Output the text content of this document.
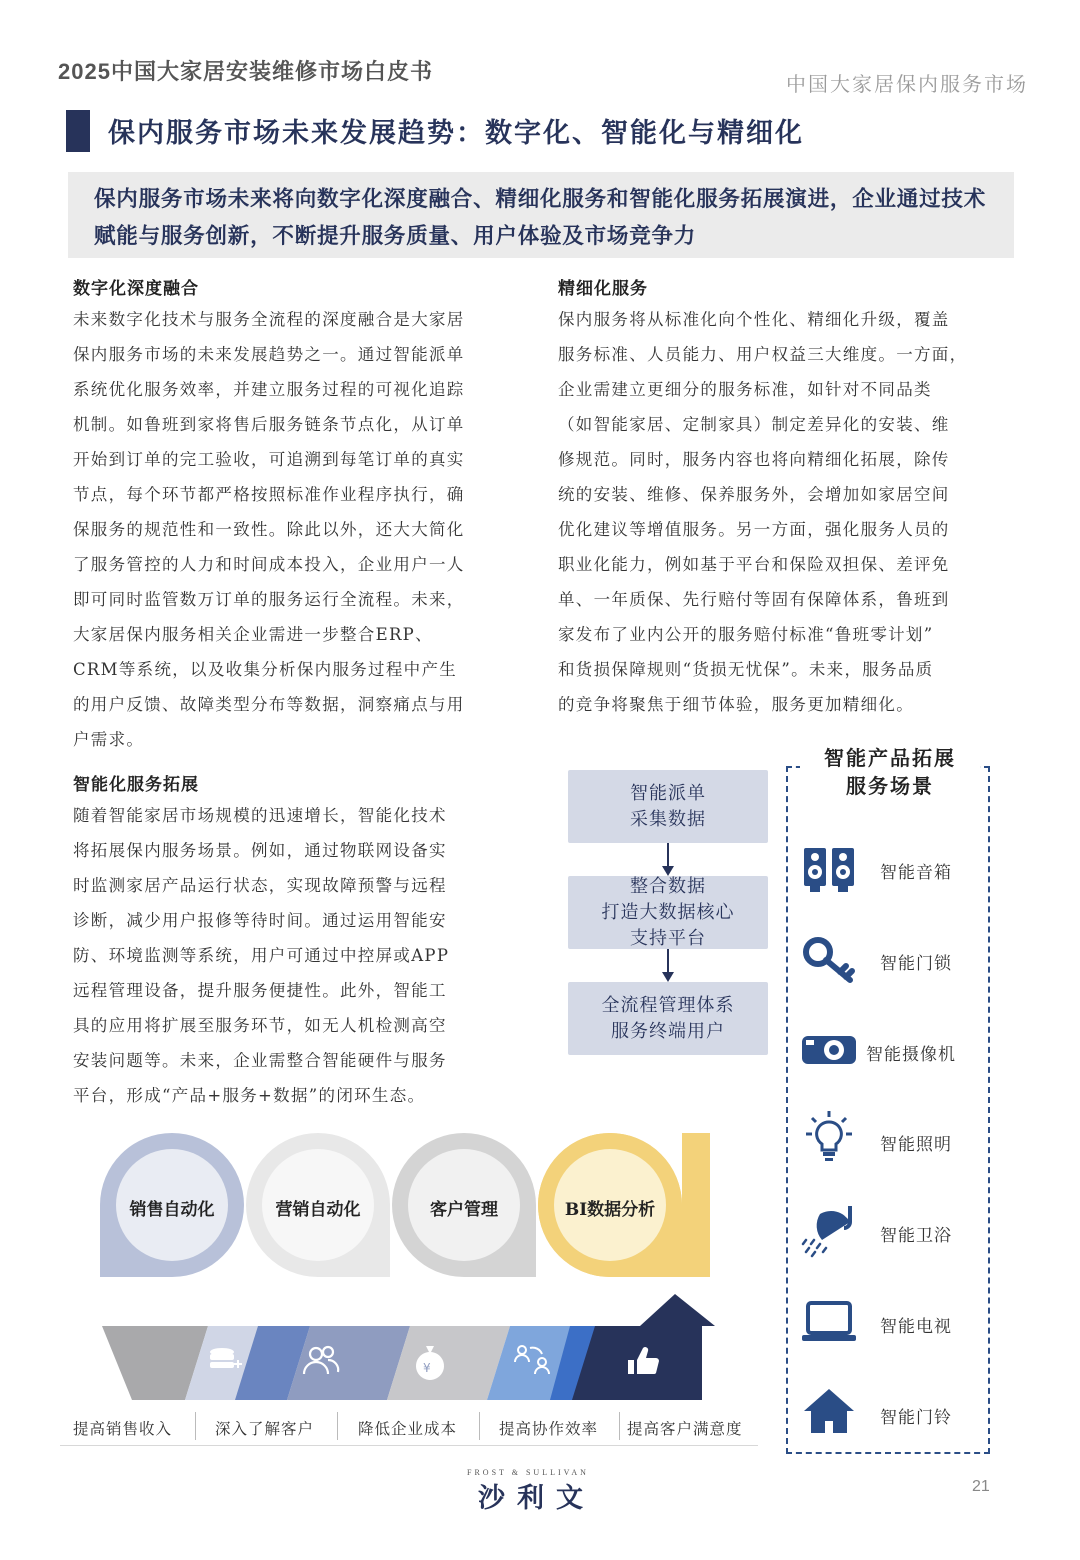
2025中国大家居安装维修市场白皮书	中国大家居保内服务市场
保内服务市场未来发展趋势：数字化、智能化与精细化
保内服务市场未来将向数字化深度融合、精细化服务和智能化服务拓展演进，企业通过技术赋能与服务创新，不断提升服务质量、用户体验及市场竞争力
数字化深度融合
未来数字化技术与服务全流程的深度融合是大家居
保内服务市场的未来发展趋势之一。通过智能派单
系统优化服务效率，并建立服务过程的可视化追踪
机制。如鲁班到家将售后服务链条节点化，从订单
开始到订单的完工验收，可追溯到每笔订单的真实
节点，每个环节都严格按照标准作业程序执行，确
保服务的规范性和一致性。除此以外，还大大简化
了服务管控的人力和时间成本投入，企业用户一人
即可同时监管数万订单的服务运行全流程。未来，
大家居保内服务相关企业需进一步整合ERP、
CRM等系统，以及收集分析保内服务过程中产生
的用户反馈、故障类型分布等数据，洞察痛点与用
户需求。
精细化服务
保内服务将从标准化向个性化、精细化升级，覆盖
服务标准、人员能力、用户权益三大维度。一方面，
企业需建立更细分的服务标准，如针对不同品类
（如智能家居、定制家具）制定差异化的安装、维
修规范。同时，服务内容也将向精细化拓展，除传
统的安装、维修、保养服务外，会增加如家居空间
优化建议等增值服务。另一方面，强化服务人员的
职业化能力，例如基于平台和保险双担保、差评免
单、一年质保、先行赔付等固有保障体系，鲁班到
家发布了业内公开的服务赔付标准“鲁班零计划”
和货损保障规则“货损无忧保”。未来，服务品质
的竞争将聚焦于细节体验，服务更加精细化。
智能化服务拓展
随着智能家居市场规模的迅速增长，智能化技术
将拓展保内服务场景。例如，通过物联网设备实
时监测家居产品运行状态，实现故障预警与远程
诊断，减少用户报修等待时间。通过运用智能安
防、环境监测等系统，用户可通过中控屏或APP
远程管理设备，提升服务便捷性。此外，智能工
具的应用将扩展至服务环节，如无人机检测高空
安装问题等。未来，企业需整合智能硬件与服务
平台，形成“产品+服务+数据”的闭环生态。
智能派单
采集数据
整合数据
打造大数据核心
支持平台
全流程管理体系
服务终端用户
智能产品拓展
服务场景
智能音箱
智能门锁
智能摄像机
智能照明
智能卫浴
智能电视
智能门铃
销售自动化	营销自动化	客户管理	BI数据分析
¥
提高销售收入	深入了解客户	降低企业成本	提高协作效率 提高客户满意度
FROST & SULLIVAN
沙利文	21
